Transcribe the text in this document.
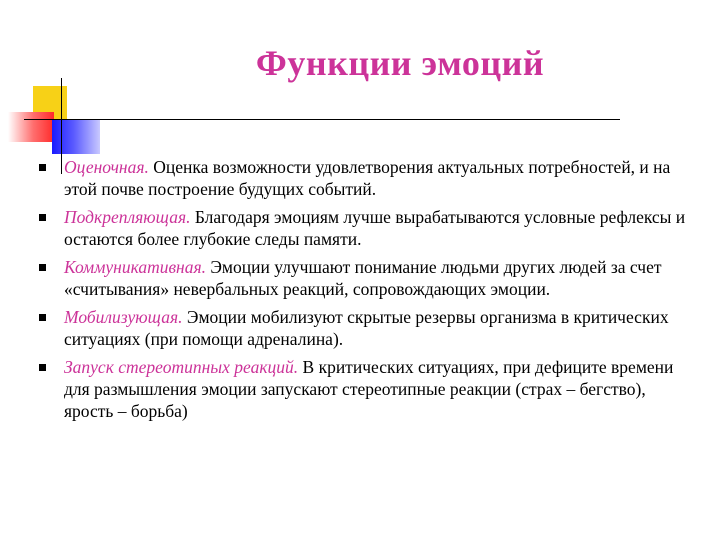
Функции эмоций
Оценочная. Оценка возможности удовлетворения актуальных потребностей, и на этой почве построение будущих событий.
Подкрепляющая. Благодаря эмоциям лучше вырабатываются условные рефлексы и остаются более глубокие следы памяти.
Коммуникативная. Эмоции улучшают понимание людьми других людей за счет «считывания» невербальных реакций, сопровождающих эмоции.
Мобилизующая. Эмоции мобилизуют скрытые резервы организма в критических ситуациях (при помощи адреналина).
Запуск стереотипных реакций. В критических ситуациях, при дефиците времени для размышления эмоции запускают стереотипные реакции (страх – бегство), ярость – борьба)
